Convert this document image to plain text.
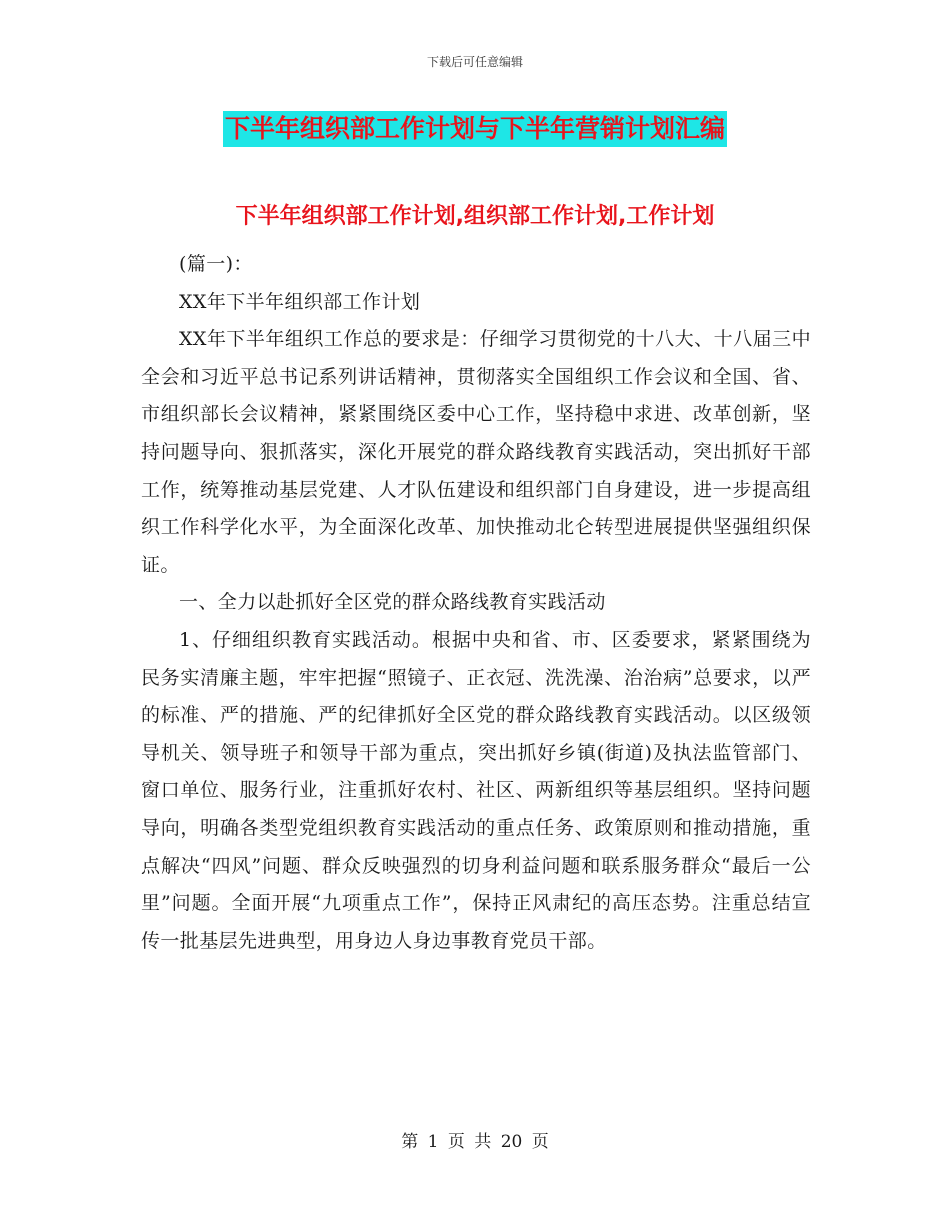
下载后可任意编辑
下半年组织部工作计划与下半年营销计划汇编
下半年组织部工作计划,组织部工作计划,工作计划

(篇一)：

XX年下半年组织部工作计划

XX年下半年组织工作总的要求是：仔细学习贯彻党的十八大、十八届三中全会和习近平总书记系列讲话精神，贯彻落实全国组织工作会议和全国、省、市组织部长会议精神，紧紧围绕区委中心工作，坚持稳中求进、改革创新，坚持问题导向、狠抓落实，深化开展党的群众路线教育实践活动，突出抓好干部工作，统筹推动基层党建、人才队伍建设和组织部门自身建设，进一步提高组织工作科学化水平，为全面深化改革、加快推动北仑转型进展提供坚强组织保证。

一、全力以赴抓好全区党的群众路线教育实践活动

1、仔细组织教育实践活动。根据中央和省、市、区委要求，紧紧围绕为民务实清廉主题，牢牢把握“照镜子、正衣冠、洗洗澡、治治病”总要求，以严的标准、严的措施、严的纪律抓好全区党的群众路线教育实践活动。以区级领导机关、领导班子和领导干部为重点，突出抓好乡镇(街道)及执法监管部门、窗口单位、服务行业，注重抓好农村、社区、两新组织等基层组织。坚持问题导向，明确各类型党组织教育实践活动的重点任务、政策原则和推动措施，重点解决“四风”问题、群众反映强烈的切身利益问题和联系服务群众“最后一公里”问题。全面开展“九项重点工作”，保持正风肃纪的高压态势。注重总结宣传一批基层先进典型，用身边人身边事教育党员干部。

第 1 页 共 20 页
